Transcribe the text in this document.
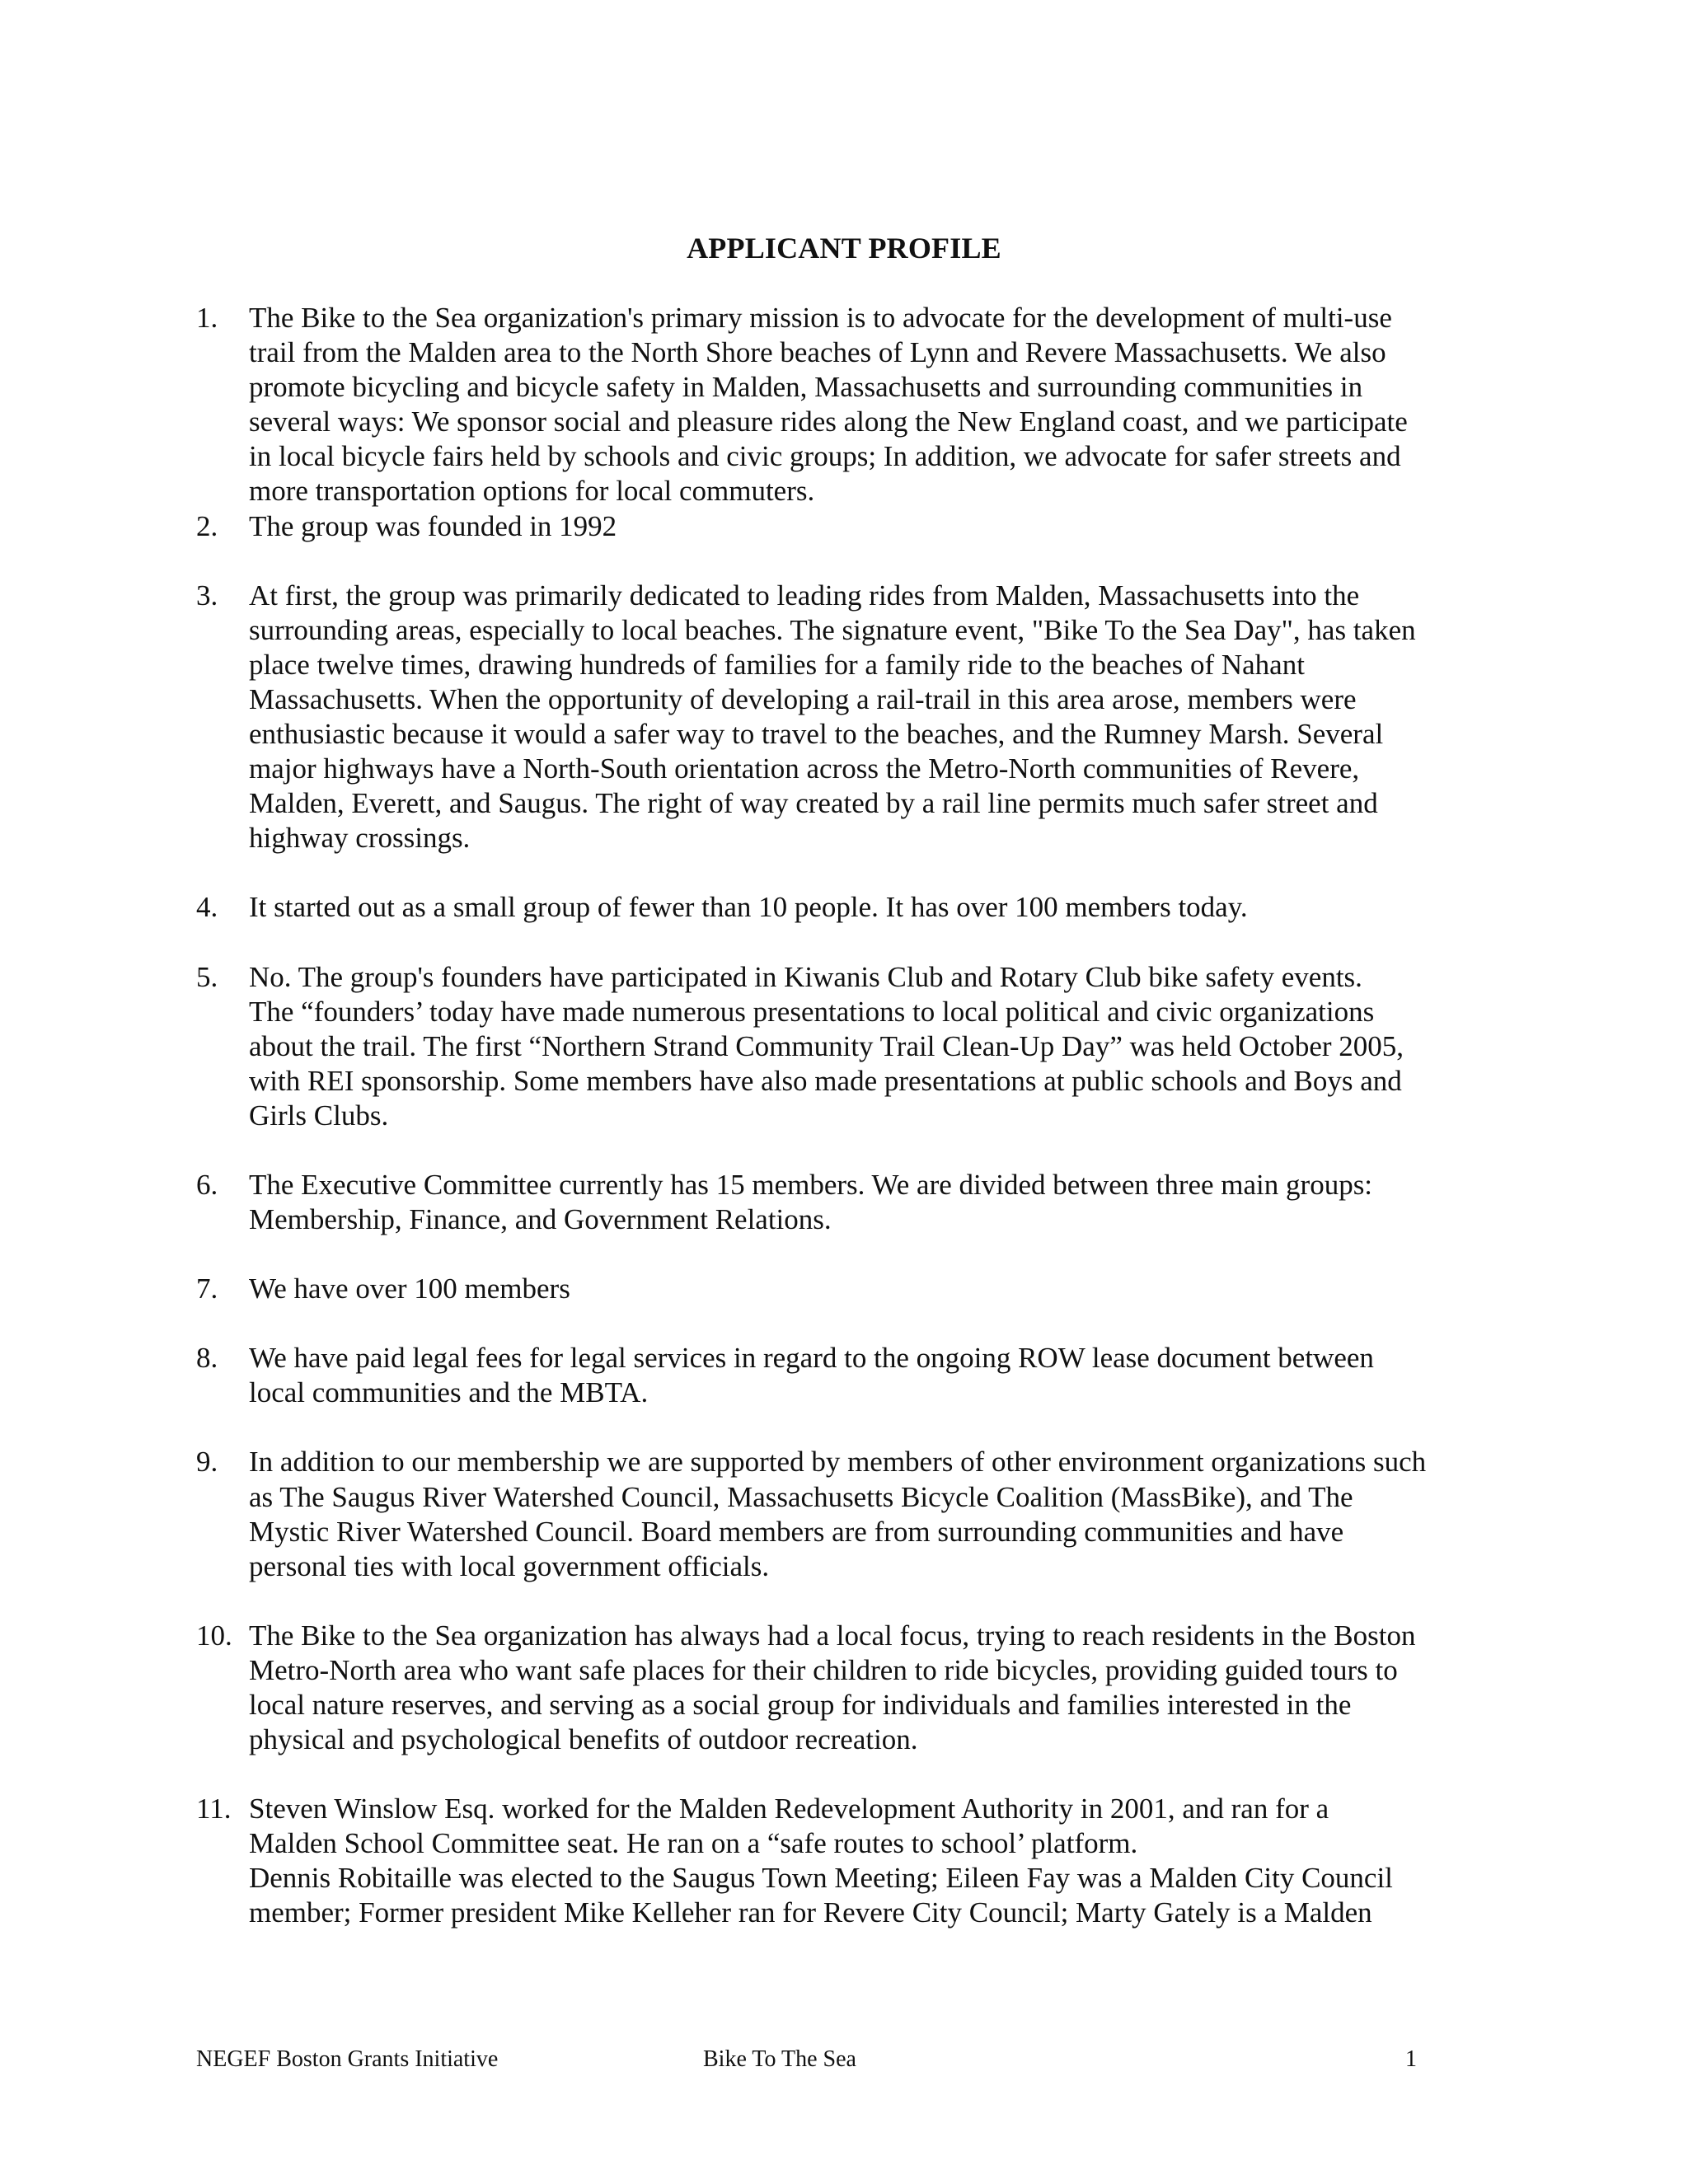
APPLICANT PROFILE
1.	The Bike to the Sea organization's primary mission is to advocate for the development of multi-use
trail from the Malden area to the North Shore beaches of Lynn and Revere Massachusetts. We also
promote bicycling and bicycle safety in Malden, Massachusetts and surrounding communities in
several ways: We sponsor social and pleasure rides along the New England coast, and we participate
in local bicycle fairs held by schools and civic groups; In addition, we advocate for safer streets and
more transportation options for local commuters.
2.	The group was founded in 1992
3.	At first, the group was primarily dedicated to leading rides from Malden, Massachusetts into the
surrounding areas, especially to local beaches. The signature event, "Bike To the Sea Day", has taken
place twelve times, drawing hundreds of families for a family ride to the beaches of Nahant
Massachusetts. When the opportunity of developing a rail-trail in this area arose, members were
enthusiastic because it would a safer way to travel to the beaches, and the Rumney Marsh. Several
major highways have a North-South orientation across the Metro-North communities of Revere,
Malden, Everett, and Saugus. The right of way created by a rail line permits much safer street and
highway crossings.
4.	It started out as a small group of fewer than 10 people. It has over 100 members today.
5.	No. The group's founders have participated in Kiwanis Club and Rotary Club bike safety events.
The “founders’ today have made numerous presentations to local political and civic organizations
about the trail. The first “Northern Strand Community Trail Clean-Up Day” was held October 2005,
with REI sponsorship. Some members have also made presentations at public schools and Boys and
Girls Clubs.
6.	The Executive Committee currently has 15 members. We are divided between three main groups:
Membership, Finance, and Government Relations.
7.	We have over 100 members
8.	We have paid legal fees for legal services in regard to the ongoing ROW lease document between
local communities and the MBTA.
9.	In addition to our membership we are supported by members of other environment organizations such
as The Saugus River Watershed Council, Massachusetts Bicycle Coalition (MassBike), and The
Mystic River Watershed Council. Board members are from surrounding communities and have
personal ties with local government officials.
10. The Bike to the Sea organization has always had a local focus, trying to reach residents in the Boston
Metro-North area who want safe places for their children to ride bicycles, providing guided tours to
local nature reserves, and serving as a social group for individuals and families interested in the
physical and psychological benefits of outdoor recreation.
11. Steven Winslow Esq. worked for the Malden Redevelopment Authority in 2001, and ran for a
Malden School Committee seat. He ran on a “safe routes to school’ platform.
Dennis Robitaille was elected to the Saugus Town Meeting; Eileen Fay was a Malden City Council
member; Former president Mike Kelleher ran for Revere City Council; Marty Gately is a Malden

NEGEF Boston Grants Initiative	Bike To The Sea	1
